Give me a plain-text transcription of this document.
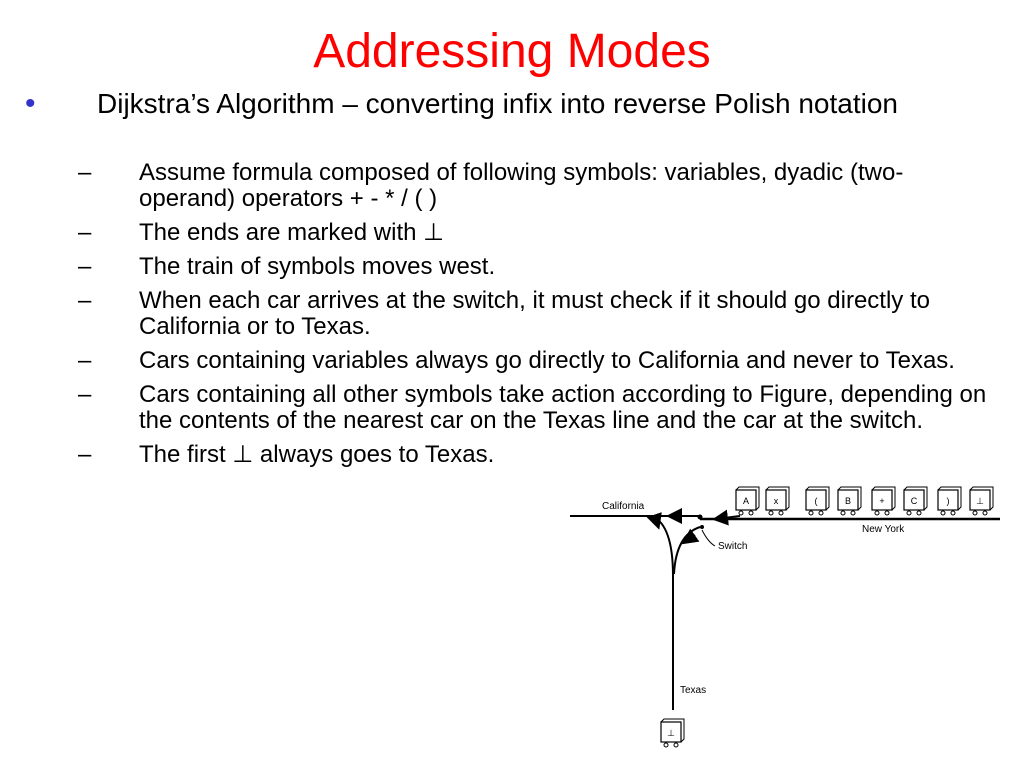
Addressing Modes
• Dijkstra’s Algorithm – converting infix into reverse Polish notation
– Assume formula composed of following symbols: variables, dyadic (two-operand) operators + - * / ( )
– The ends are marked with ⊥
– The train of symbols moves west.
– When each car arrives at the switch, it must check if it should go directly to California or to Texas.
– Cars containing variables always go directly to California and never to Texas.
– Cars containing all other symbols take action according to Figure, depending on the contents of the nearest car on the Texas line and the car at the switch.
– The first ⊥ always goes to Texas.
California
New York
Switch
Texas
A	x	(	B	+	C	)	⊥
⊥
